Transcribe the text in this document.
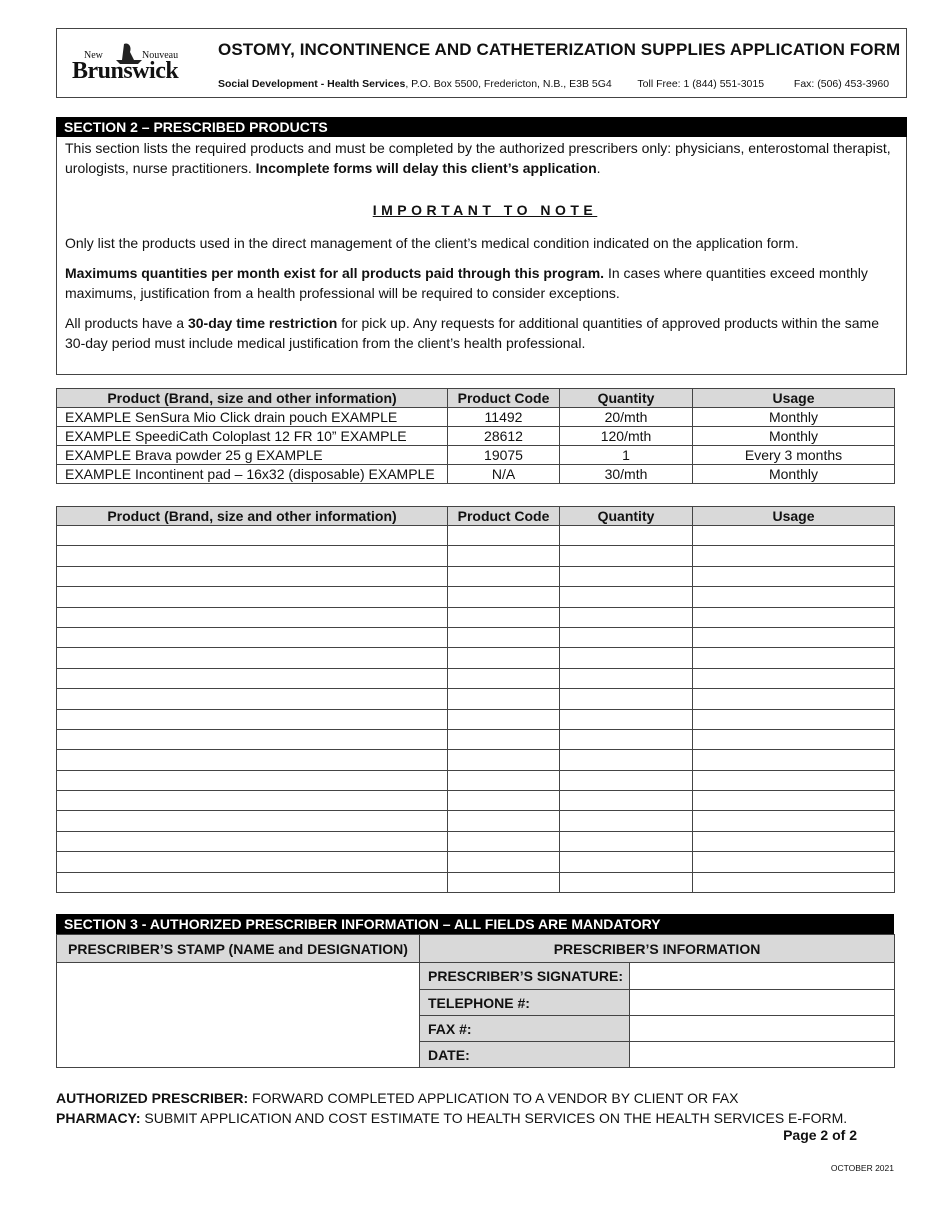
New	Nouveau
Brunswick
OSTOMY, INCONTINENCE AND CATHETERIZATION SUPPLIES APPLICATION FORM
Social Development - Health Services, P.O. Box 5500, Fredericton, N.B., E3B 5G4 Toll Free: 1 (844) 551-3015	Fax: (506) 453-3960
SECTION 2 – PRESCRIBED PRODUCTS
This section lists the required products and must be completed by the authorized prescribers only: physicians, enterostomal therapist,
urologists, nurse practitioners. Incomplete forms will delay this client’s application.
IMPORTANT TO NOTE
Only list the products used in the direct management of the client’s medical condition indicated on the application form.
Maximums quantities per month exist for all products paid through this program. In cases where quantities exceed monthly
maximums, justification from a health professional will be required to consider exceptions.
All products have a 30-day time restriction for pick up. Any requests for additional quantities of approved products within the same
30-day period must include medical justification from the client’s health professional.
Product (Brand, size and other information)	Product Code	Quantity	Usage
EXAMPLE SenSura Mio Click drain pouch EXAMPLE	11492	20/mth	Monthly
EXAMPLE SpeediCath Coloplast 12 FR 10” EXAMPLE	28612	120/mth	Monthly
EXAMPLE Brava powder 25 g EXAMPLE	19075	1	Every 3 months
EXAMPLE Incontinent pad – 16x32 (disposable) EXAMPLE	N/A	30/mth	Monthly
Product (Brand, size and other information)	Product Code	Quantity	Usage

SECTION 3 - AUTHORIZED PRESCRIBER INFORMATION – ALL FIELDS ARE MANDATORY
PRESCRIBER’S STAMP (NAME and DESIGNATION)	PRESCRIBER’S INFORMATION	
	PRESCRIBER’S SIGNATURE:	
	TELEPHONE #:	
	FAX #:	
	DATE:	
AUTHORIZED PRESCRIBER: FORWARD COMPLETED APPLICATION TO A VENDOR BY CLIENT OR FAX
PHARMACY: SUBMIT APPLICATION AND COST ESTIMATE TO HEALTH SERVICES ON THE HEALTH SERVICES E-FORM.
Page 2 of 2
OCTOBER 2021
